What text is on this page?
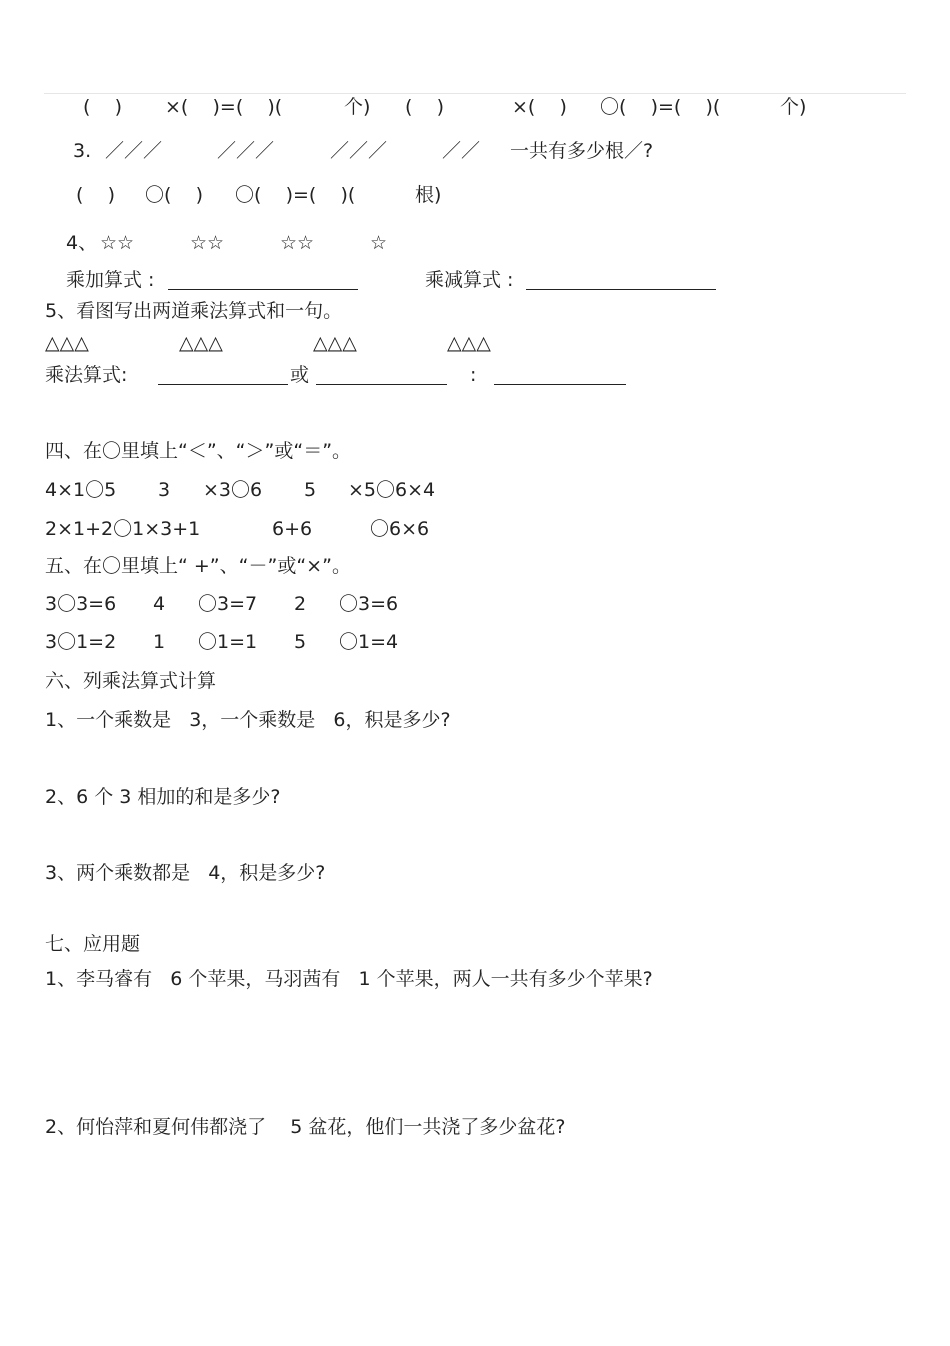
(    ) ×(    )=(    )(	个) (    )	×(    ) 〇(    )=(    )(	个)
3. ／／／	／／／	／／／	／／ 一共有多少根／?
(    ) 〇(    ) 〇(    )=(    )(	根)
4、 ☆☆	☆☆	☆☆	☆
乘加算式 :	乘减算式 :
5、看图写出两道乘法算式和一句。
△△△	△△△	△△△	△△△
乘法算式:	或	:
四、在〇里填上“＜”、“＞”或“＝”。
4×1〇5 3 ×3〇6 5 ×5〇6×4
2×1+2〇1×3+1	6+6	〇6×6
五、在〇里填上“ +”、“－”或“×”。
3〇3=6 4 〇3=7 2 〇3=6
3〇1=2 1 〇1=1 5 〇1=4
六、列乘法算式计算
1、一个乘数是   3，一个乘数是   6，积是多少?
2、6 个 3 相加的和是多少?
3、两个乘数都是   4，积是多少?
七、应用题
1、李马睿有   6 个苹果，马羽茜有   1 个苹果，两人一共有多少个苹果?
2、何怡萍和夏何伟都浇了    5 盆花，他们一共浇了多少盆花?
